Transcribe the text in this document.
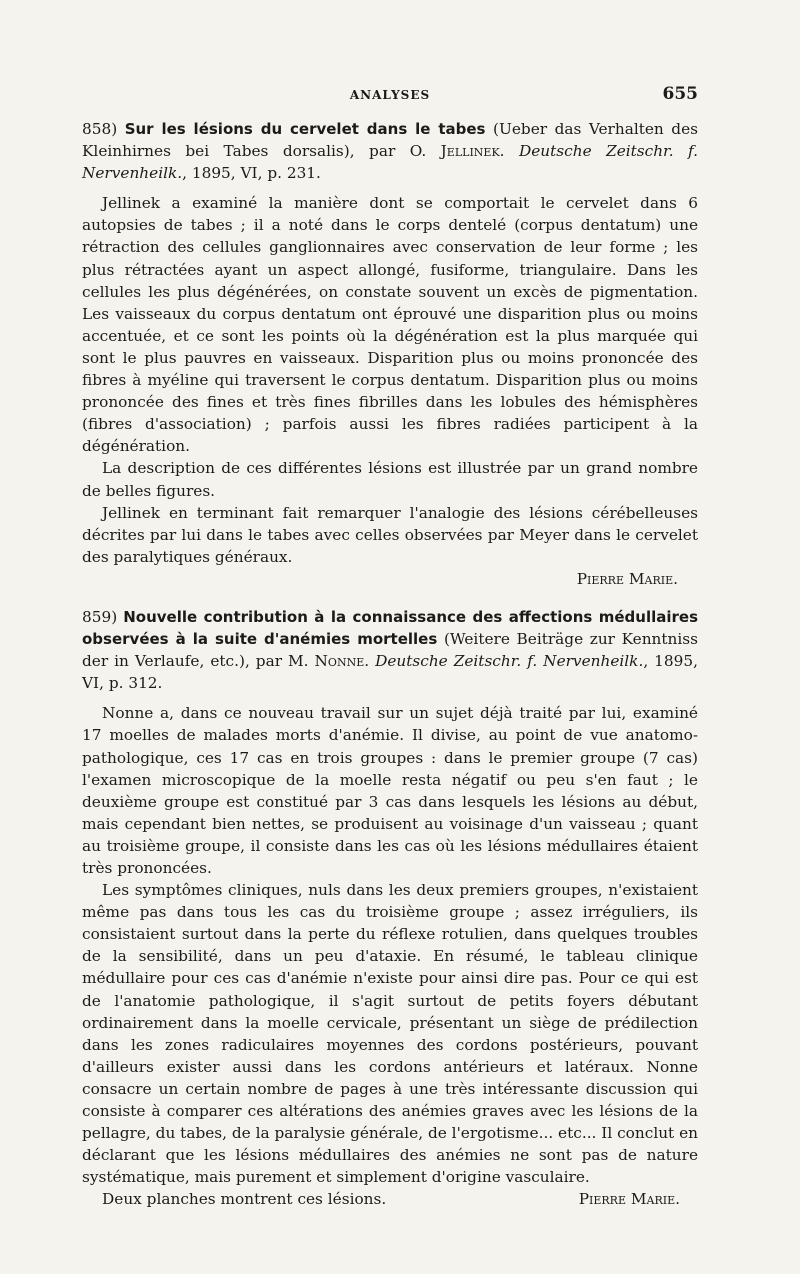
ANALYSES	655

858) Sur les lésions du cervelet dans le tabes (Ueber das Verhalten des Kleinhirnes bei Tabes dorsalis), par O. Jellinek. Deutsche Zeitschr. f. Nervenheilk., 1895, VI, p. 231.

Jellinek a examiné la manière dont se comportait le cervelet dans 6 autopsies de tabes ; il a noté dans le corps dentelé (corpus dentatum) une rétraction des cellules ganglionnaires avec conservation de leur forme ; les plus rétractées ayant un aspect allongé, fusiforme, triangulaire. Dans les cellules les plus dégénérées, on constate souvent un excès de pigmentation. Les vaisseaux du corpus dentatum ont éprouvé une disparition plus ou moins accentuée, et ce sont les points où la dégénération est la plus marquée qui sont le plus pauvres en vaisseaux. Disparition plus ou moins prononcée des fibres à myéline qui traversent le corpus dentatum. Disparition plus ou moins prononcée des fines et très fines fibrilles dans les lobules des hémisphères (fibres d'association) ; parfois aussi les fibres radiées participent à la dégénération.

La description de ces différentes lésions est illustrée par un grand nombre de belles figures.

Jellinek en terminant fait remarquer l'analogie des lésions cérébelleuses décrites par lui dans le tabes avec celles observées par Meyer dans le cervelet des paralytiques généraux.

Pierre Marie.

859) Nouvelle contribution à la connaissance des affections médullaires observées à la suite d'anémies mortelles (Weitere Beiträge zur Kenntniss der in Verlaufe, etc.), par M. Nonne. Deutsche Zeitschr. f. Nervenheilk., 1895, VI, p. 312.

Nonne a, dans ce nouveau travail sur un sujet déjà traité par lui, examiné 17 moelles de malades morts d'anémie. Il divise, au point de vue anatomo-pathologique, ces 17 cas en trois groupes : dans le premier groupe (7 cas) l'examen microscopique de la moelle resta négatif ou peu s'en faut ; le deuxième groupe est constitué par 3 cas dans lesquels les lésions au début, mais cependant bien nettes, se produisent au voisinage d'un vaisseau ; quant au troisième groupe, il consiste dans les cas où les lésions médullaires étaient très prononcées.

Les symptômes cliniques, nuls dans les deux premiers groupes, n'existaient même pas dans tous les cas du troisième groupe ; assez irréguliers, ils consistaient surtout dans la perte du réflexe rotulien, dans quelques troubles de la sensibilité, dans un peu d'ataxie. En résumé, le tableau clinique médullaire pour ces cas d'anémie n'existe pour ainsi dire pas. Pour ce qui est de l'anatomie pathologique, il s'agit surtout de petits foyers débutant ordinairement dans la moelle cervicale, présentant un siège de prédilection dans les zones radiculaires moyennes des cordons postérieurs, pouvant d'ailleurs exister aussi dans les cordons antérieurs et latéraux. Nonne consacre un certain nombre de pages à une très intéressante discussion qui consiste à comparer ces altérations des anémies graves avec les lésions de la pellagre, du tabes, de la paralysie générale, de l'ergotisme... etc... Il conclut en déclarant que les lésions médullaires des anémies ne sont pas de nature systématique, mais purement et simplement d'origine vasculaire.

Deux planches montrent ces lésions.	Pierre Marie.
